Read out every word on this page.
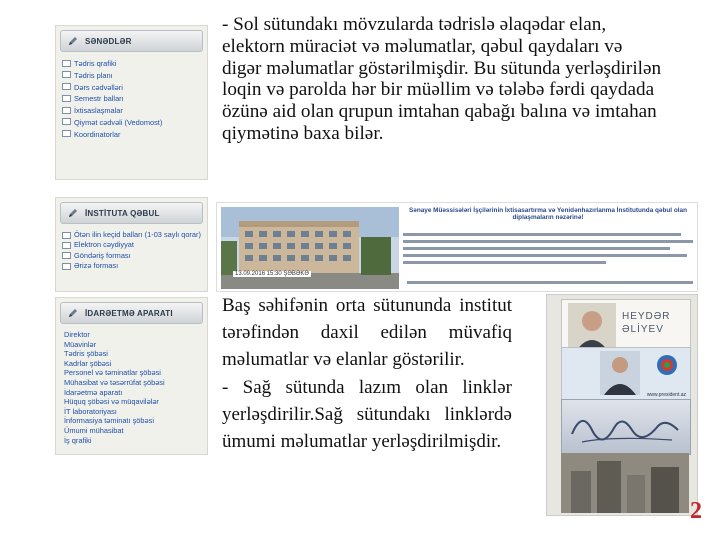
SƏNƏDLƏR
Tədris qrafiki
Tədris planı
Dərs cədvəlləri
Semestr balları
İxtisaslaşmalar
Qiymət cədvəli (Vedomost)
Koordinatorlar
İNSTİTUTA QƏBUL
Ötən ilin keçid balları (1-03 saylı qorar)
Elektron cəydiyyat
Göndəriş forması
Ərizə forması
İDARƏETMƏ APARATI
Direktor
Müavinlər
Tədris şöbəsi
Kadrlar şöbəsi
Personel və təminatlar şöbəsi
Mühasibat və təsərrüfat şöbəsi
İdarəetmə aparatı
Hüquq şöbəsi və müqavilələr
İT laboratoriyası
İnformasiya təminatı şöbəsi
Ümumi mühasibat
İş qrafiki

- Sol sütundakı mövzularda tədrislə əlaqədar elan, elektorn müraciət və məlumatlar, qəbul qaydaları və digər məlumatlar göstərilmişdir. Bu sütunda yerləşdirilən loqin və parolda hər bir müəllim və tələbə fərdi qaydada özünə aid olan qrupun imtahan qabağı balına və imtahan qiymətinə baxa bilər.

Sənaye Müəssisələri İşçilərinin İxtisasartırma və Yenidənhazırlanma İnstitutunda qəbul olan diplaşmaların nəzərinə!
13.09.2016 15:30 ŞƏBƏKƏ

Baş səhifənin orta sütununda institut tərəfindən daxil edilən müvafiq məlumatlar və elanlar göstərilir.

- Sağ sütunda lazım olan linklər yerləşdirilir.Sağ sütundakı linklərdə ümumi məlumatlar yerləşdirilmişdir.

HEYDƏR
ƏLİYEV
www.president.az
2
